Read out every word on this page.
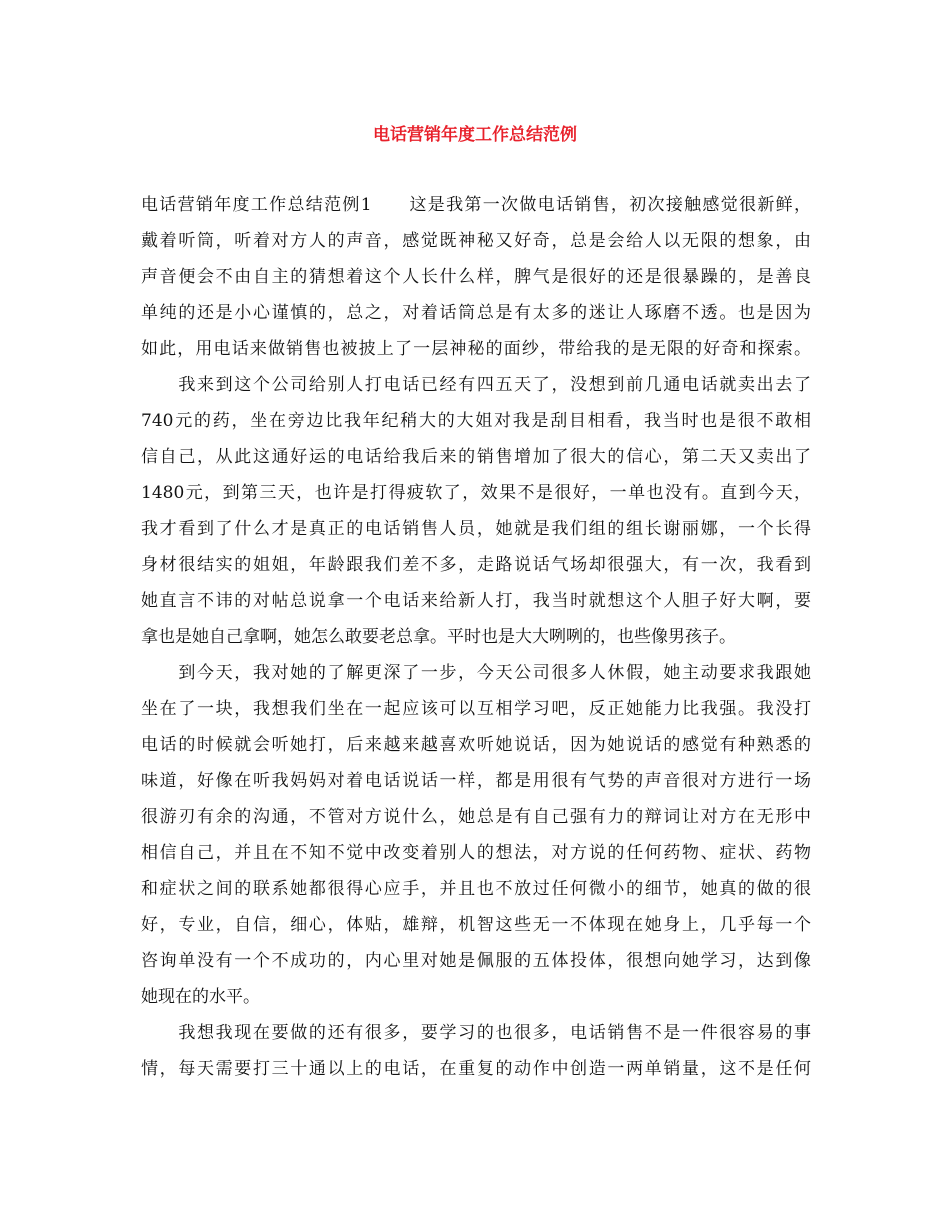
电话营销年度工作总结范例
电话营销年度工作总结范例1　　这是我第一次做电话销售，初次接触感觉很新鲜，
戴着听筒，听着对方人的声音，感觉既神秘又好奇，总是会给人以无限的想象，由
声音便会不由自主的猜想着这个人长什么样，脾气是很好的还是很暴躁的，是善良
单纯的还是小心谨慎的，总之，对着话筒总是有太多的迷让人琢磨不透。也是因为
如此，用电话来做销售也被披上了一层神秘的面纱，带给我的是无限的好奇和探索。
　　我来到这个公司给别人打电话已经有四五天了，没想到前几通电话就卖出去了
740元的药，坐在旁边比我年纪稍大的大姐对我是刮目相看，我当时也是很不敢相
信自己，从此这通好运的电话给我后来的销售增加了很大的信心，第二天又卖出了
1480元，到第三天，也许是打得疲软了，效果不是很好，一单也没有。直到今天，
我才看到了什么才是真正的电话销售人员，她就是我们组的组长谢丽娜，一个长得
身材很结实的姐姐，年龄跟我们差不多，走路说话气场却很强大，有一次，我看到
她直言不讳的对帖总说拿一个电话来给新人打，我当时就想这个人胆子好大啊，要
拿也是她自己拿啊，她怎么敢要老总拿。平时也是大大咧咧的，也些像男孩子。
　　到今天，我对她的了解更深了一步，今天公司很多人休假，她主动要求我跟她
坐在了一块，我想我们坐在一起应该可以互相学习吧，反正她能力比我强。我没打
电话的时候就会听她打，后来越来越喜欢听她说话，因为她说话的感觉有种熟悉的
味道，好像在听我妈妈对着电话说话一样，都是用很有气势的声音很对方进行一场
很游刃有余的沟通，不管对方说什么，她总是有自己强有力的辩词让对方在无形中
相信自己，并且在不知不觉中改变着别人的想法，对方说的任何药物、症状、药物
和症状之间的联系她都很得心应手，并且也不放过任何微小的细节，她真的做的很
好，专业，自信，细心，体贴，雄辩，机智这些无一不体现在她身上，几乎每一个
咨询单没有一个不成功的，内心里对她是佩服的五体投体，很想向她学习，达到像
她现在的水平。
　　我想我现在要做的还有很多，要学习的也很多，电话销售不是一件很容易的事
情，每天需要打三十通以上的电话，在重复的动作中创造一两单销量，这不是任何
